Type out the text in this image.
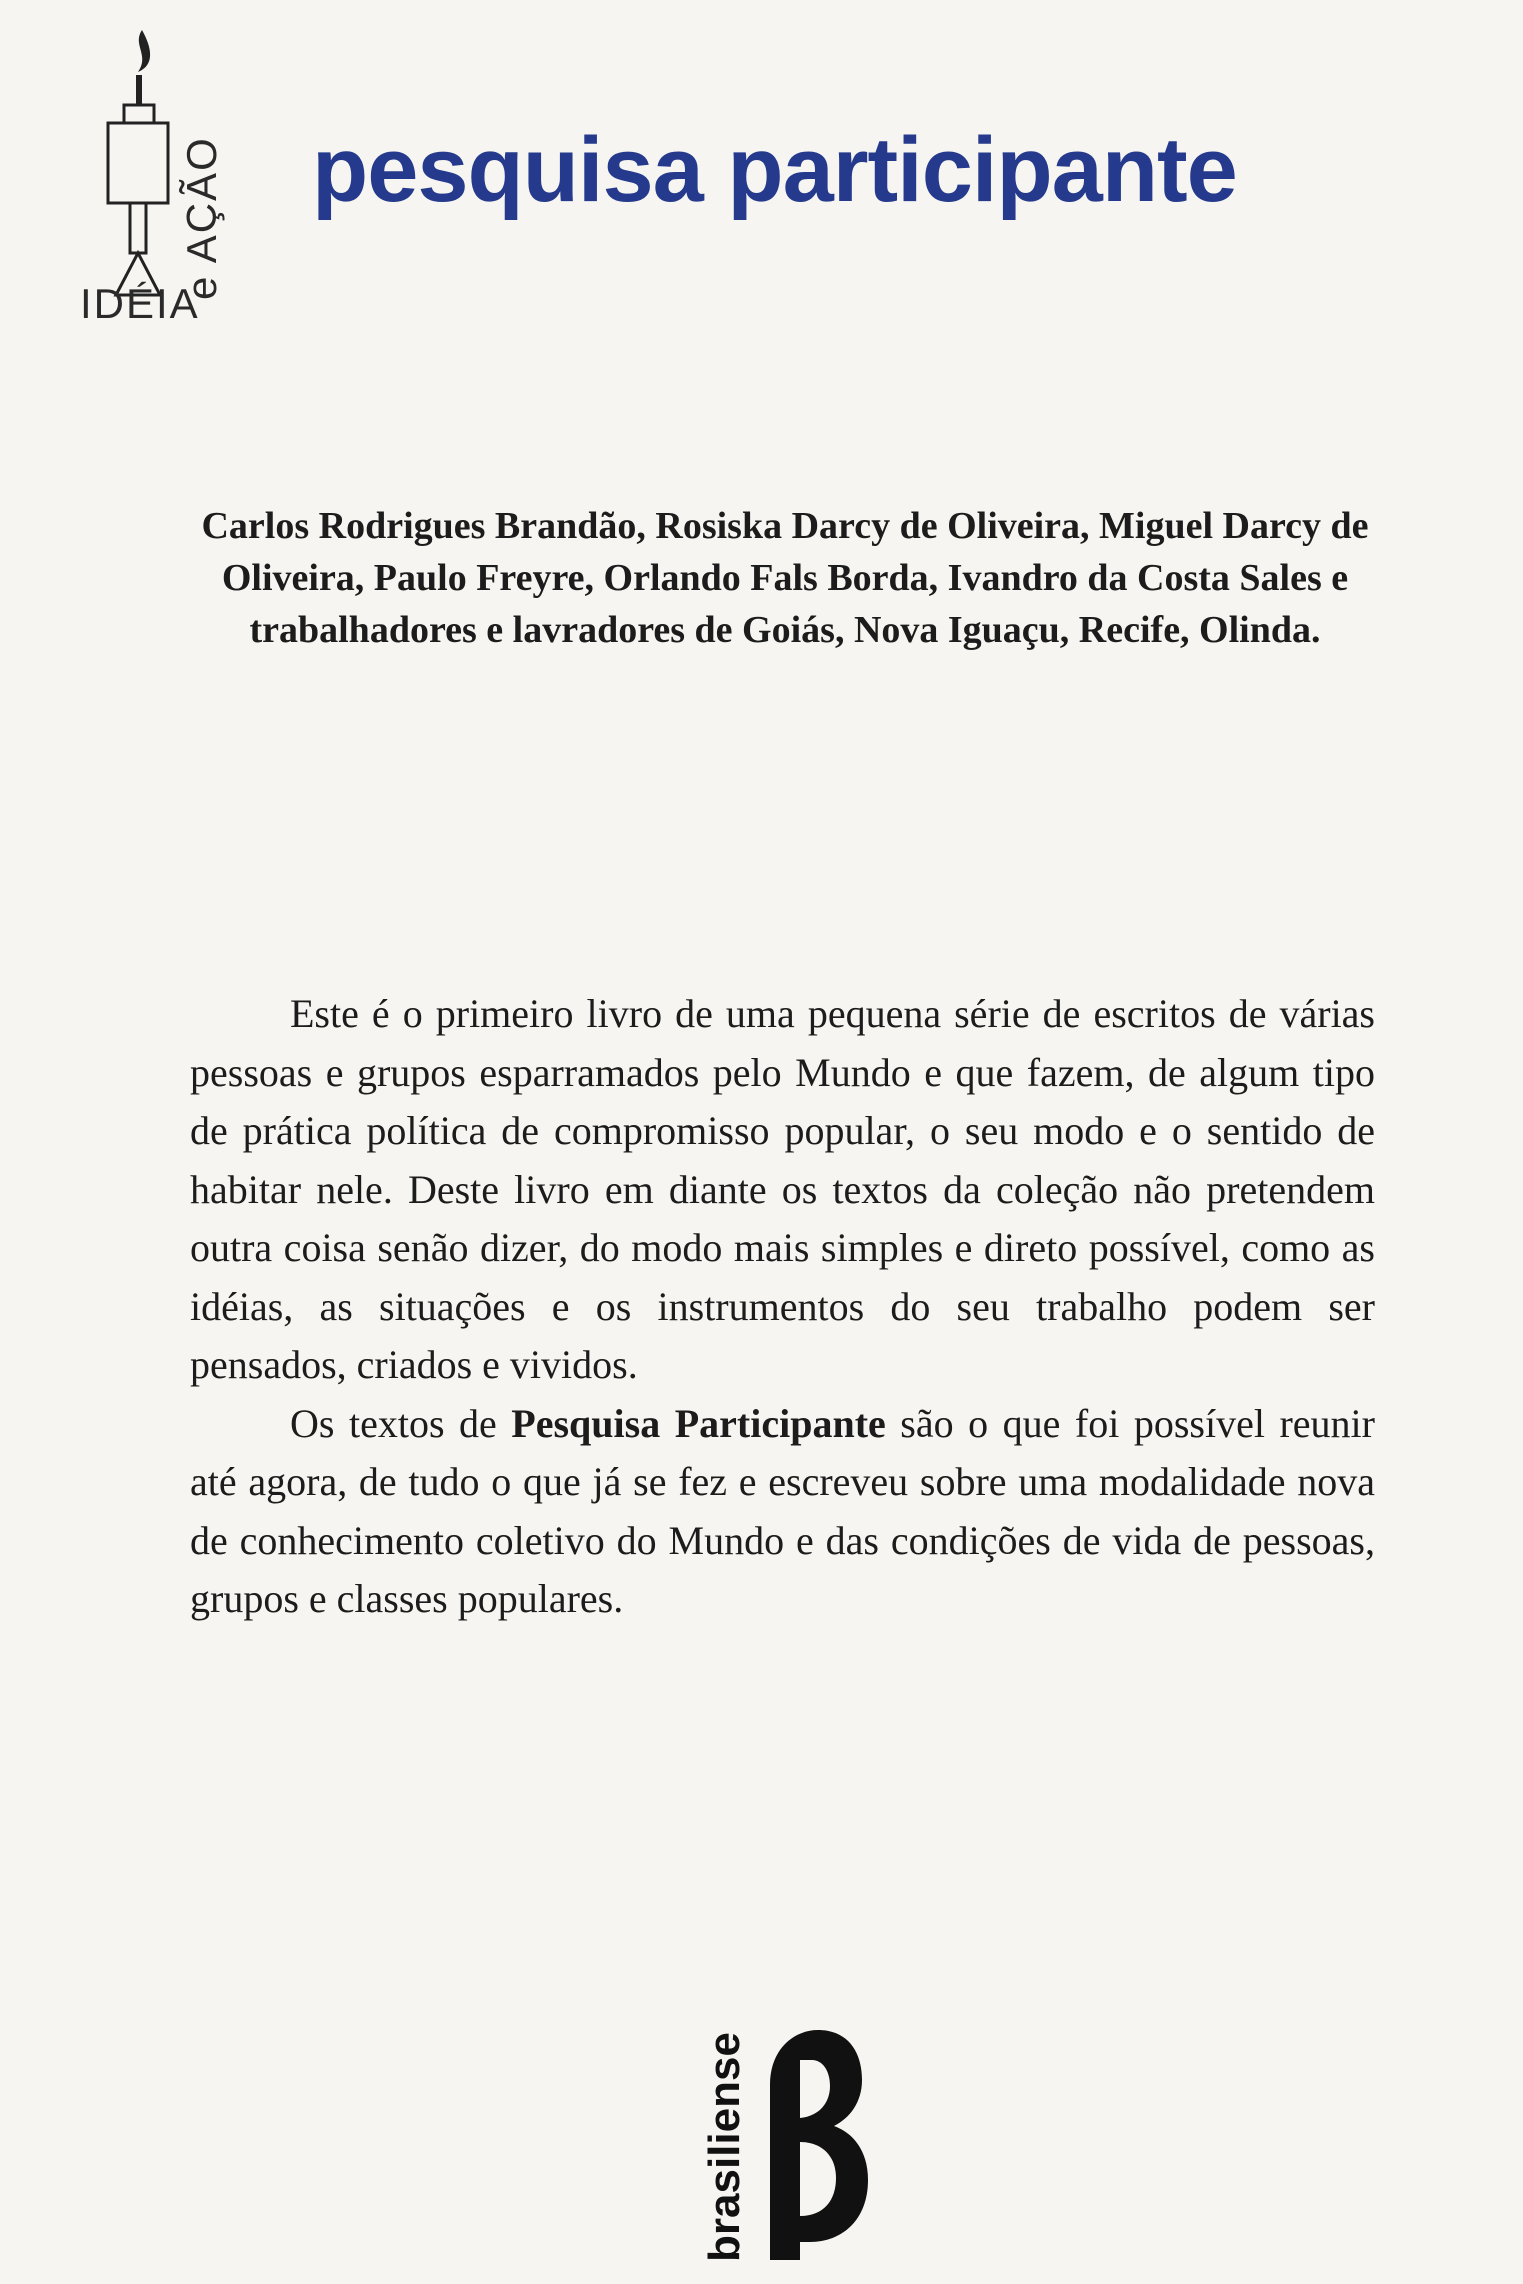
IDÉIA
e AÇÃO pesquisa participante
Carlos Rodrigues Brandão, Rosiska Darcy de Oliveira, Miguel Darcy de Oliveira, Paulo Freyre, Orlando Fals Borda, Ivandro da Costa Sales e trabalhadores e lavradores de Goiás, Nova Iguaçu, Recife, Olinda.

Este é o primeiro livro de uma pequena série de escritos de várias pessoas e grupos esparramados pelo Mundo e que fazem, de algum tipo de prática política de compromisso popular, o seu modo e o sentido de habitar nele. Deste livro em diante os textos da coleção não pretendem outra coisa senão dizer, do modo mais simples e direto possível, como as idéias, as situações e os instrumentos do seu trabalho podem ser pensados, criados e vividos.

Os textos de Pesquisa Participante são o que foi possível reunir até agora, de tudo o que já se fez e escreveu sobre uma modalidade nova de conhecimento coletivo do Mundo e das condições de vida de pessoas, grupos e classes populares.

brasiliense
